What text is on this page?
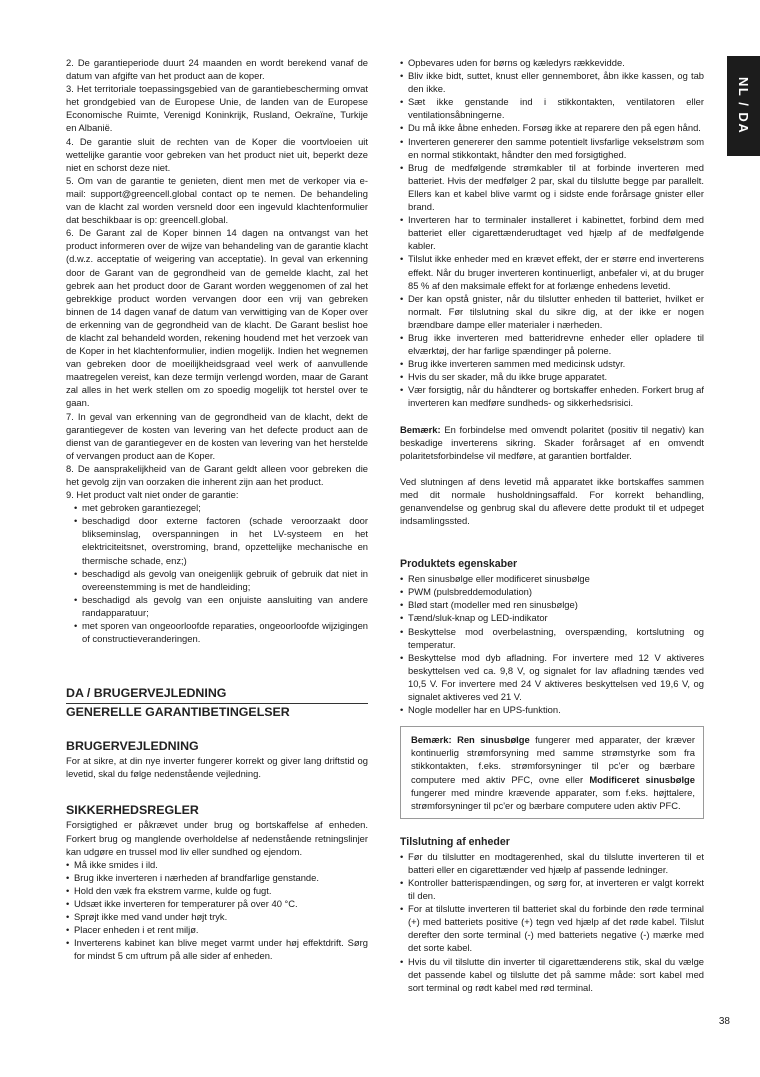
2. De garantieperiode duurt 24 maanden en wordt berekend vanaf de datum van afgifte van het product aan de koper.

3. Het territoriale toepassingsgebied van de garantiebescherming omvat het grondgebied van de Europese Unie, de landen van de Europese Economische Ruimte, Verenigd Koninkrijk, Rusland, Oekraïne, Turkije en Albanië.

4. De garantie sluit de rechten van de Koper die voortvloeien uit wettelijke garantie voor gebreken van het product niet uit, beperkt deze niet en schorst deze niet.

5. Om van de garantie te genieten, dient men met de verkoper via e-mail: support@greencell.global contact op te nemen. De behandeling van de klacht zal worden versneld door een ingevuld klachtenformulier dat beschikbaar is op: greencell.global.

6. De Garant zal de Koper binnen 14 dagen na ontvangst van het product informeren over de wijze van behandeling van de garantie klacht (d.w.z. acceptatie of weigering van acceptatie). In geval van erkenning door de Garant van de gegrondheid van de gemelde klacht, zal het gebrek aan het product door de Garant worden weggenomen of zal het gebrekkige product worden vervangen door een vrij van gebreken binnen de 14 dagen vanaf de datum van verwittiging van de Koper over de erkenning van de gegrondheid van de klacht. De Garant beslist hoe de klacht zal behandeld worden, rekening houdend met het verzoek van de Koper in het klachtenformulier, indien mogelijk. Indien het wegnemen van gebreken door de moeilijkheidsgraad veel werk of aanvullende maatregelen vereist, kan deze termijn verlengd worden, maar de Garant zal alles in het werk stellen om zo spoedig mogelijk tot herstel over te gaan.

7. In geval van erkenning van de gegrondheid van de klacht, dekt de garantiegever de kosten van levering van het defecte product aan de dienst van de garantiegever en de kosten van levering van het herstelde of vervangen product aan de Koper.

8. De aansprakelijkheid van de Garant geldt alleen voor gebreken die het gevolg zijn van oorzaken die inherent zijn aan het product.

9. Het product valt niet onder de garantie:

• met gebroken garantiezegel;

• beschadigd door externe factoren (schade veroorzaakt door blikseminslag, overspanningen in het LV-systeem en het elektriciteitsnet, overstroming, brand, opzettelijke mechanische en thermische schade, enz;)

• beschadigd als gevolg van oneigenlijk gebruik of gebruik dat niet in overeenstemming is met de handleiding;

• beschadigd als gevolg van een onjuiste aansluiting van andere randapparatuur;

• met sporen van ongeoorloofde reparaties, ongeoorloofde wijzigingen of constructieveranderingen.

DA / BRUGERVEJLEDNING
GENERELLE GARANTIBETINGELSER
BRUGERVEJLEDNING

For at sikre, at din nye inverter fungerer korrekt og giver lang driftstid og levetid, skal du følge nedenstående vejledning.

SIKKERHEDSREGLER

Forsigtighed er påkrævet under brug og bortskaffelse af enheden. Forkert brug og manglende overholdelse af nedenstående retningslinjer kan udgøre en trussel mod liv eller sundhed og ejendom.

• Må ikke smides i ild.

• Brug ikke inverteren i nærheden af brandfarlige genstande.

• Hold den væk fra ekstrem varme, kulde og fugt.

• Udsæt ikke inverteren for temperaturer på over 40 °C.

• Sprøjt ikke med vand under højt tryk.

• Placer enheden i et rent miljø.

• Inverterens kabinet kan blive meget varmt under høj effektdrift. Sørg for mindst 5 cm uftrum på alle sider af enheden.

• Opbevares uden for børns og kæledyrs rækkevidde.

• Bliv ikke bidt, suttet, knust eller gennemboret, åbn ikke kassen, og tab den ikke.

• Sæt ikke genstande ind i stikkontakten, ventilatoren eller ventilationsåbningerne.

• Du må ikke åbne enheden. Forsøg ikke at reparere den på egen hånd.

• Inverteren genererer den samme potentielt livsfarlige vekselstrøm som en normal stikkontakt, håndter den med forsigtighed.

• Brug de medfølgende strømkabler til at forbinde inverteren med batteriet. Hvis der medfølger 2 par, skal du tilslutte begge par parallelt. Ellers kan et kabel blive varmt og i sidste ende forårsage gnister eller brand.

• Inverteren har to terminaler installeret i kabinettet, forbind dem med batteriet eller cigarettænderudtaget ved hjælp af de medfølgende kabler.

• Tilslut ikke enheder med en krævet effekt, der er større end inverterens effekt. Når du bruger inverteren kontinuerligt, anbefaler vi, at du bruger 85 % af den maksimale effekt for at forlænge enhedens levetid.

• Der kan opstå gnister, når du tilslutter enheden til batteriet, hvilket er normalt. Før tilslutning skal du sikre dig, at der ikke er nogen brændbare dampe eller materialer i nærheden.

• Brug ikke inverteren med batteridrevne enheder eller opladere til elværktøj, der har farlige spændinger på polerne.

• Brug ikke inverteren sammen med medicinsk udstyr.

• Hvis du ser skader, må du ikke bruge apparatet.

• Vær forsigtig, når du håndterer og bortskaffer enheden. Forkert brug af inverteren kan medføre sundheds- og sikkerhedsrisici.

Bemærk: En forbindelse med omvendt polaritet (positiv til negativ) kan beskadige inverterens sikring. Skader forårsaget af en omvendt polaritetsforbindelse vil medføre, at garantien bortfalder.

Ved slutningen af dens levetid må apparatet ikke bortskaffes sammen med dit normale husholdningsaffald. For korrekt behandling, genanvendelse og genbrug skal du aflevere dette produkt til et udpeget indsamlingssted.

Produktets egenskaber

• Ren sinusbølge eller modificeret sinusbølge

• PWM (pulsbreddemodulation)

• Blød start (modeller med ren sinusbølge)

• Tænd/sluk-knap og LED-indikator

• Beskyttelse mod overbelastning, overspænding, kortslutning og temperatur.

• Beskyttelse mod dyb afladning. For invertere med 12 V aktiveres beskyttelsen ved ca. 9,8 V, og signalet for lav afladning tændes ved 10,5 V. For invertere med 24 V aktiveres beskyttelsen ved 19,6 V, og signalet aktiveres ved 21 V.

• Nogle modeller har en UPS-funktion.

Bemærk: Ren sinusbølge fungerer med apparater, der kræver kontinuerlig strømforsyning med samme strømstyrke som fra stikkontakten, f.eks. strømforsyninger til pc'er og bærbare computere med aktiv PFC, ovne eller Modificeret sinusbølge fungerer med mindre krævende apparater, som f.eks. højttalere, strømforsyninger til pc'er og bærbare computere uden aktiv PFC.

Tilslutning af enheder

• Før du tilslutter en modtagerenhed, skal du tilslutte inverteren til et batteri eller en cigarettænder ved hjælp af passende ledninger.

• Kontroller batterispændingen, og sørg for, at inverteren er valgt korrekt til den.

• For at tilslutte inverteren til batteriet skal du forbinde den røde terminal (+) med batteriets positive (+) tegn ved hjælp af det røde kabel. Tilslut derefter den sorte terminal (-) med batteriets negative (-) mærke med det sorte kabel.

• Hvis du vil tilslutte din inverter til cigarettænderens stik, skal du vælge det passende kabel og tilslutte det på samme måde: sort kabel med sort terminal og rødt kabel med rød terminal.

NL / DA
38
